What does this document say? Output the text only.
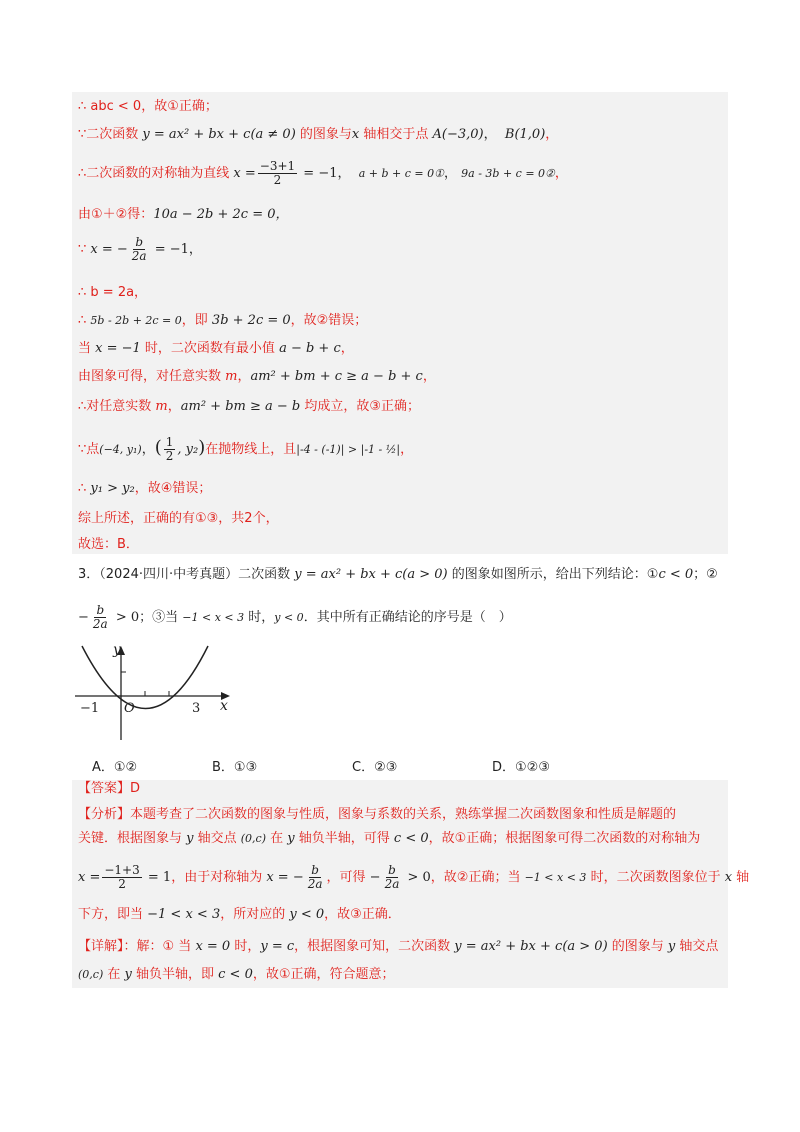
∴ abc < 0，故①正确；
∵二次函数 y = ax² + bx + c(a ≠ 0) 的图象与x 轴相交于点 A(−3,0)，  B(1,0)，
∴二次函数的对称轴为直线 $x = \frac{-3+1}{2} = -1$， a + b + c = 0①， 9a - 3b + c = 0②，
由①＋②得：10a − 2b + 2c = 0，
∵ x = − $\frac{b}{2a} = -1$，
∴ b = 2a，
∴ 5b - 2b + 2c = 0，即 3b + 2c = 0，故②错误；
当 x = −1 时，二次函数有最小值 a − b + c，
由图象可得，对任意实数 m，am² + bm + c ≥ a − b + c，
∴对任意实数 m，am² + bm ≥ a − b 均成立，故③正确；
∵点(−4, y₁)，( $\frac{1}{2}$ , y₂)在抛物线上，且|-4 - (-1)| > |-1 - ½|，
∴ y₁ > y₂，故④错误；
综上所述，正确的有①③，共2个，
故选：B．
3．（2024·四川·中考真题）二次函数 y = ax² + bx + c(a > 0) 的图象如图所示，给出下列结论：①c < 0；②
− $\frac{b}{2a} > 0$；③当 −1 < x < 3 时，y < 0．其中所有正确结论的序号是（　）
y
x
O
−1	3
A．①②	B．①③	C．②③	D．①②③
【答案】D
【分析】本题考查了二次函数的图象与性质，图象与系数的关系，熟练掌握二次函数图象和性质是解题的
关键．根据图象与 y 轴交点 (0,c) 在 y 轴负半轴，可得 c < 0，故①正确；根据图象可得二次函数的对称轴为
$x = \frac{-1+3}{2} = 1$，由于对称轴为 x = − $\frac{b}{2a}$ ，可得 − $\frac{b}{2a} > 0$，故②正确；当 −1 < x < 3 时，二次函数图象位于 x 轴
下方，即当 −1 < x < 3，所对应的 y < 0，故③正确．
【详解】：解：① 当 x = 0 时，y = c，根据图象可知，二次函数 y = ax² + bx + c(a > 0) 的图象与 y 轴交点
(0,c) 在 y 轴负半轴，即 c < 0，故①正确，符合题意；
